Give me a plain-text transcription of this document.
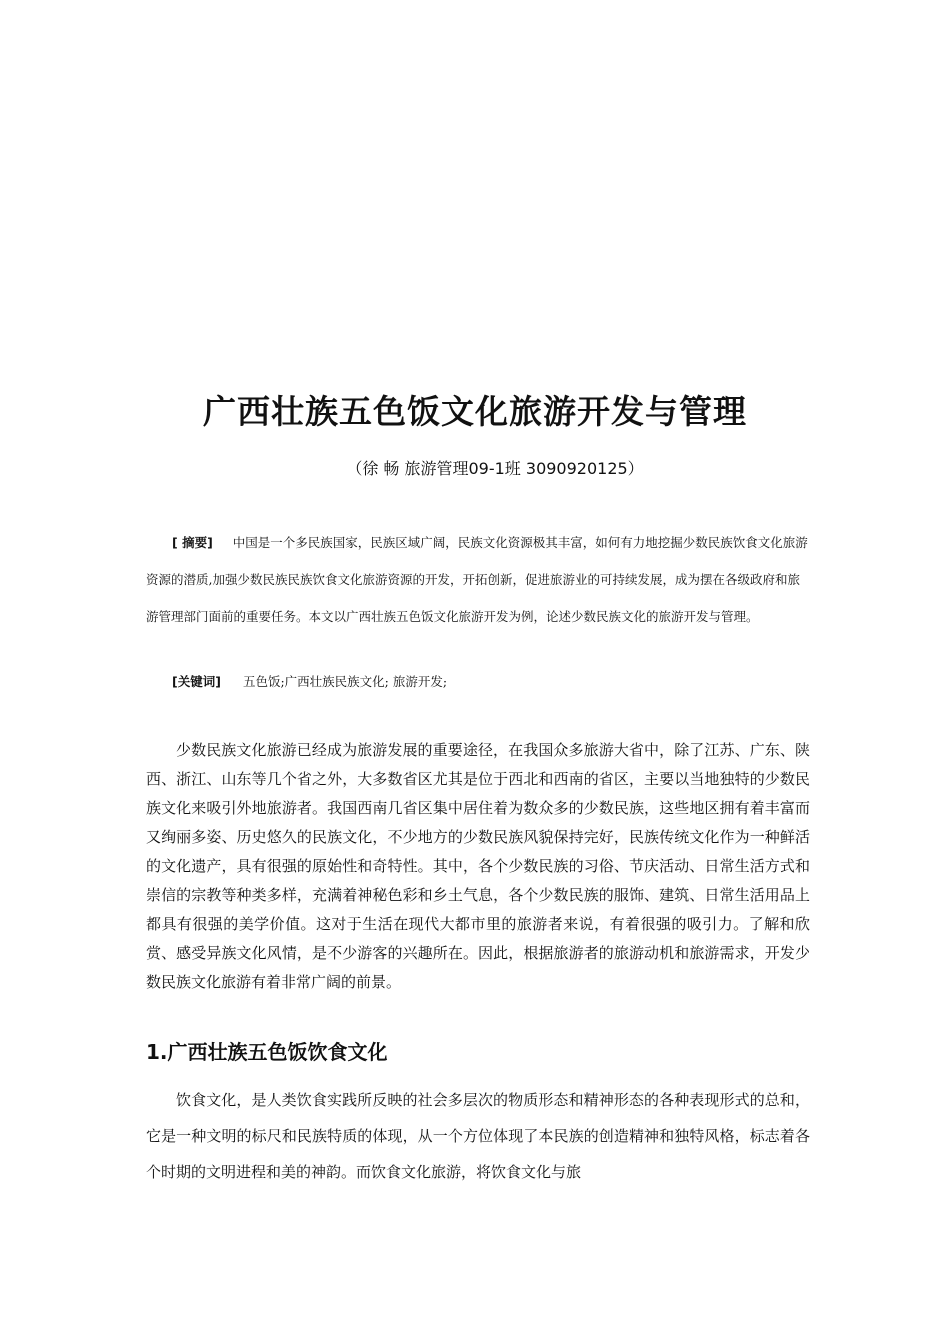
广西壮族五色饭文化旅游开发与管理
（徐 畅 旅游管理09-1班 3090920125）
[ 摘要] 中国是一个多民族国家，民族区域广阔，民族文化资源极其丰富，如何有力地挖掘少数民族饮食文化旅游资源的潜质,加强少数民族民族饮食文化旅游资源的开发，开拓创新，促进旅游业的可持续发展，成为摆在各级政府和旅游管理部门面前的重要任务。本文以广西壮族五色饭文化旅游开发为例，论述少数民族文化的旅游开发与管理。
[关键词] 五色饭;广西壮族民族文化; 旅游开发;

少数民族文化旅游已经成为旅游发展的重要途径，在我国众多旅游大省中，除了江苏、广东、陕西、浙江、山东等几个省之外，大多数省区尤其是位于西北和西南的省区，主要以当地独特的少数民族文化来吸引外地旅游者。我国西南几省区集中居住着为数众多的少数民族，这些地区拥有着丰富而又绚丽多姿、历史悠久的民族文化，不少地方的少数民族风貌保持完好，民族传统文化作为一种鲜活的文化遗产，具有很强的原始性和奇特性。其中，各个少数民族的习俗、节庆活动、日常生活方式和崇信的宗教等种类多样，充满着神秘色彩和乡土气息，各个少数民族的服饰、建筑、日常生活用品上都具有很强的美学价值。这对于生活在现代大都市里的旅游者来说，有着很强的吸引力。了解和欣赏、感受异族文化风情，是不少游客的兴趣所在。因此，根据旅游者的旅游动机和旅游需求，开发少数民族文化旅游有着非常广阔的前景。

1.广西壮族五色饭饮食文化

饮食文化，是人类饮食实践所反映的社会多层次的物质形态和精神形态的各种表现形式的总和，它是一种文明的标尺和民族特质的体现，从一个方位体现了本民族的创造精神和独特风格，标志着各个时期的文明进程和美的神韵。而饮食文化旅游，将饮食文化与旅
